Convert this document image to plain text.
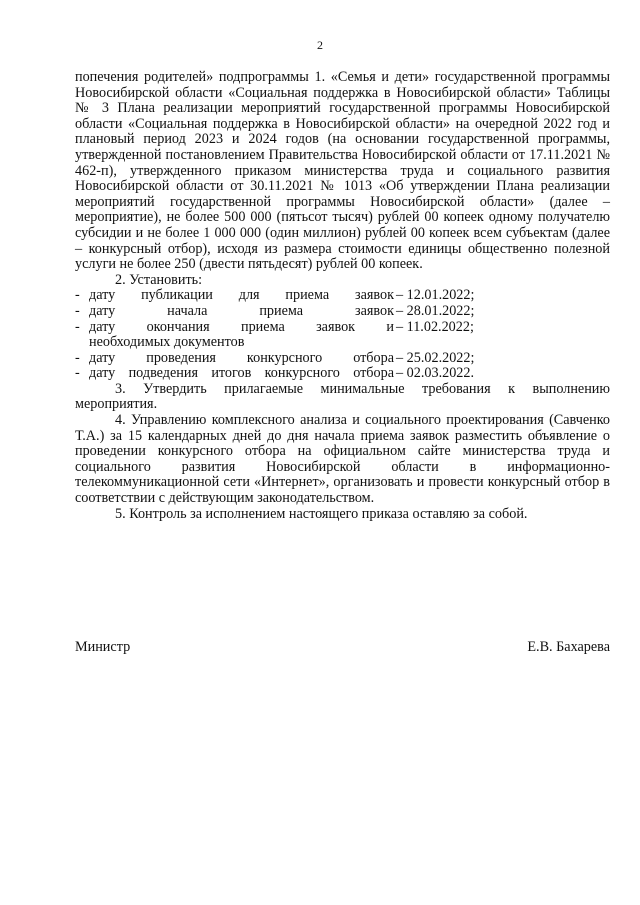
2

попечения родителей» подпрограммы 1. «Семья и дети» государственной программы Новосибирской области «Социальная поддержка в Новосибирской области» Таблицы № 3 Плана реализации мероприятий государственной программы Новосибирской области «Социальная поддержка в Новосибирской области» на очередной 2022 год и плановый период 2023 и 2024 годов (на основании государственной программы, утвержденной постановлением Правительства Новосибирской области от 17.11.2021 № 462-п), утвержденного приказом министерства труда и социального развития Новосибирской области от 30.11.2021 № 1013 «Об утверждении Плана реализации мероприятий государственной программы Новосибирской области» (далее – мероприятие), не более 500 000 (пятьсот тысяч) рублей 00 копеек одному получателю субсидии и не более 1 000 000 (один миллион) рублей 00 копеек всем субъектам (далее – конкурсный отбор), исходя из размера стоимости единицы общественно полезной услуги не более 250 (двести пятьдесят) рублей 00 копеек.

2. Установить:

- дату публикации для приема заявок – 12.01.2022;
- дату начала приема заявок – 28.01.2022;
- дату окончания приема заявок и
необходимых документов
– 11.02.2022;
- дату проведения конкурсного отбора – 25.02.2022;
- дату подведения итогов конкурсного отбора – 02.03.2022.

3. Утвердить прилагаемые минимальные требования к выполнению мероприятия.

4. Управлению комплексного анализа и социального проектирования (Савченко Т.А.) за 15 календарных дней до дня начала приема заявок разместить объявление о проведении конкурсного отбора на официальном сайте министерства труда и социального развития Новосибирской области в информационно-телекоммуникационной сети «Интернет», организовать и провести конкурсный отбор в соответствии с действующим законодательством.

5. Контроль за исполнением настоящего приказа оставляю за собой.

Министр	Е.В. Бахарева
